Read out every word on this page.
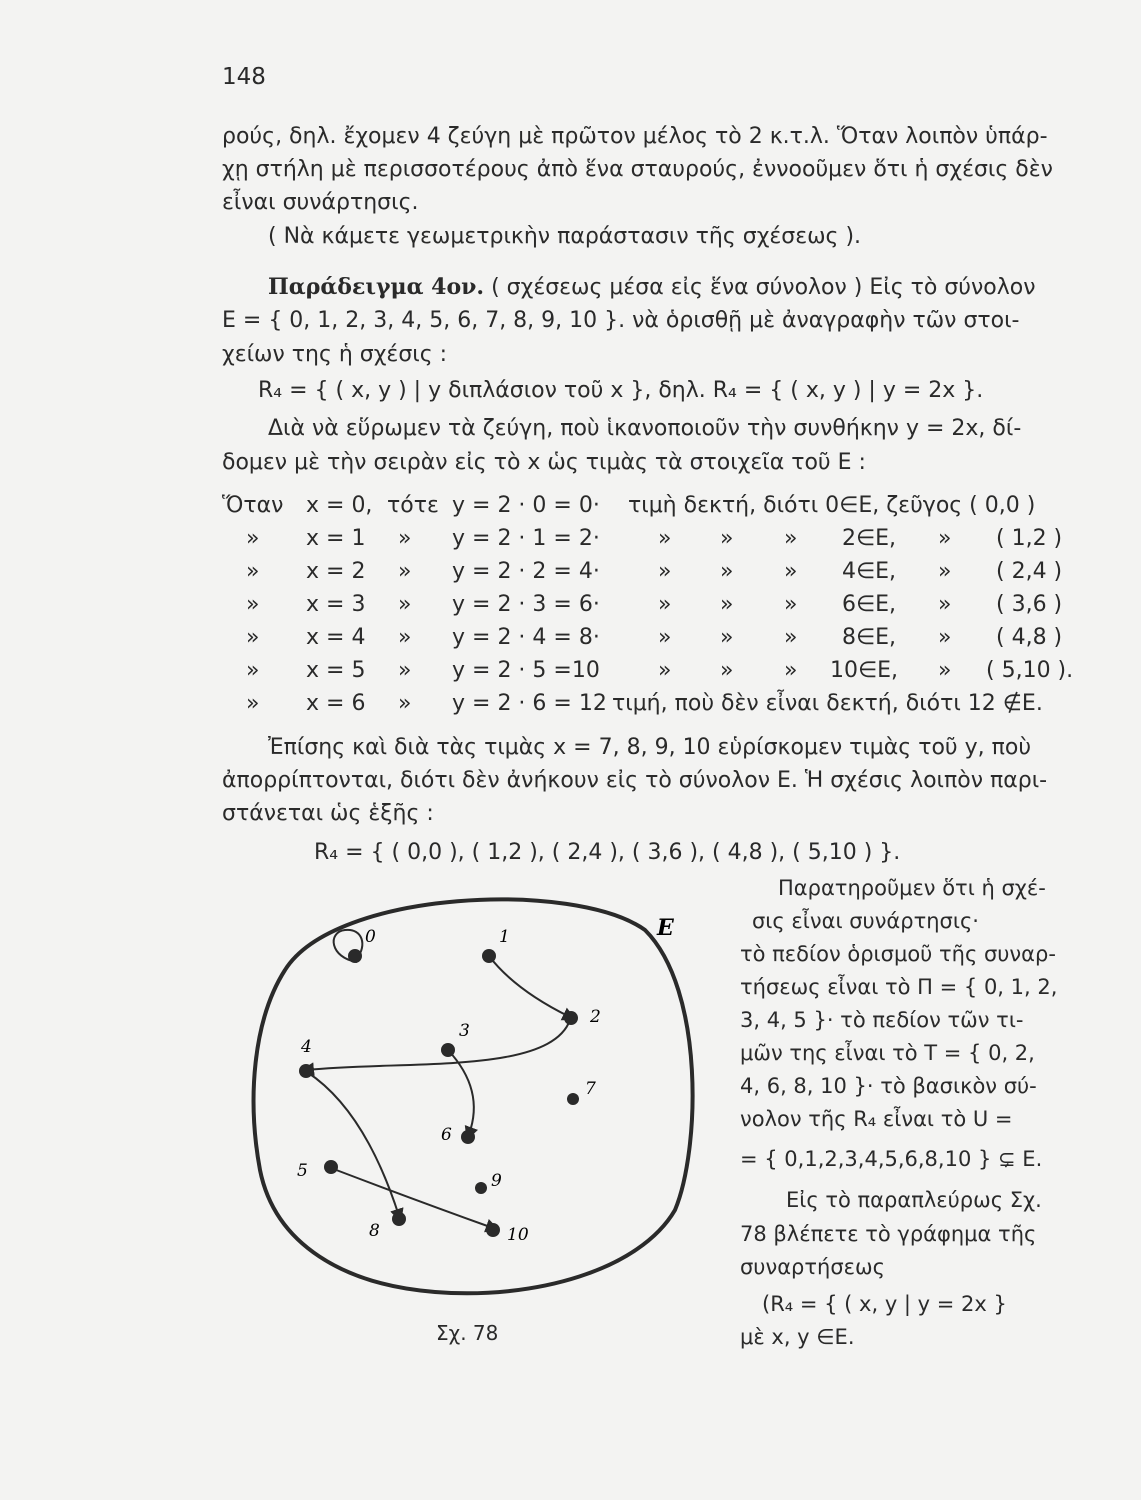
148
ρούς, δηλ. ἔχομεν 4 ζεύγη μὲ πρῶτον μέλος τὸ 2 κ.τ.λ. Ὅταν λοιπὸν ὑπάρ-
χῃ στήλη μὲ περισσοτέρους ἀπὸ ἕνα σταυρούς, ἐννοοῦμεν ὅτι ἡ σχέσις δὲν
εἶναι συνάρτησις.
( Νὰ κάμετε γεωμετρικὴν παράστασιν τῆς σχέσεως ).
Παράδειγμα 4ον. ( σχέσεως μέσα εἰς ἕνα σύνολον ) Εἰς τὸ σύνολον
E = { 0, 1, 2, 3, 4, 5, 6, 7, 8, 9, 10 }. νὰ ὁρισθῇ μὲ ἀναγραφὴν τῶν στοι-
χείων της ἡ σχέσις :
R₄ = { ( x, y ) | y διπλάσιον τοῦ x }, δηλ. R₄ = { ( x, y ) | y = 2x }.
Διὰ νὰ εὕρωμεν τὰ ζεύγη, ποὺ ἱκανοποιοῦν τὴν συνθήκην y = 2x, δί-
δομεν μὲ τὴν σειρὰν εἰς τὸ x ὡς τιμὰς τὰ στοιχεῖα τοῦ E :
Ὅταν x = 0, τότε y = 2 · 0 = 0· τιμὴ δεκτή, διότι 0∈E, ζεῦγος ( 0,0 )
» x = 1 » y = 2 · 1 = 2·	» » » 2∈E, » ( 1,2 )
» x = 2 » y = 2 · 2 = 4·	» » » 4∈E, » ( 2,4 )
» x = 3 » y = 2 · 3 = 6·	» » » 6∈E, » ( 3,6 )
» x = 4 » y = 2 · 4 = 8·	» » » 8∈E, » ( 4,8 )
» x = 5 » y = 2 · 5 =10	» » » 10∈E, » ( 5,10 ).
» x = 6 » y = 2 · 6 = 12 τιμή, ποὺ δὲν εἶναι δεκτή, διότι 12 ∉E.
Ἐπίσης καὶ διὰ τὰς τιμὰς x = 7, 8, 9, 10 εὑρίσκομεν τιμὰς τοῦ y, ποὺ
ἀπορρίπτονται, διότι δὲν ἀνήκουν εἰς τὸ σύνολον E. Ἡ σχέσις λοιπὸν παρι-
στάνεται ὡς ἑξῆς :
R₄ = { ( 0,0 ), ( 1,2 ), ( 2,4 ), ( 3,6 ), ( 4,8 ), ( 5,10 ) }.
E
0	1
2
3
4
6
7
5	9
8	10
Σχ. 78
Παρατηροῦμεν ὅτι ἡ σχέ-
σις εἶναι συνάρτησις·
τὸ πεδίον ὁρισμοῦ τῆς συναρ-
τήσεως εἶναι τὸ Π = { 0, 1, 2,
3, 4, 5 }· τὸ πεδίον τῶν τι-
μῶν της εἶναι τὸ T = { 0, 2,
4, 6, 8, 10 }· τὸ βασικὸν σύ-
νολον τῆς R₄ εἶναι τὸ U =
= { 0,1,2,3,4,5,6,8,10 } ⊊ E.
Εἰς τὸ παραπλεύρως Σχ.
78 βλέπετε τὸ γράφημα τῆς
συναρτήσεως
(R₄ = { ( x, y | y = 2x }
μὲ x, y ∈E.
